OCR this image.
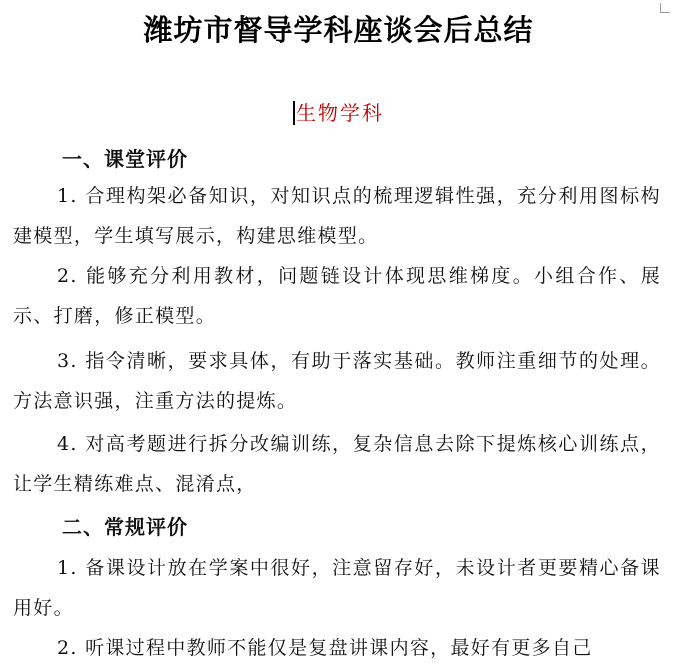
潍坊市督导学科座谈会后总结
生物学科
一、课堂评价
1. 合理构架必备知识，对知识点的梳理逻辑性强，充分利用图标构建模型，学生填写展示，构建思维模型。
2. 能够充分利用教材，问题链设计体现思维梯度。小组合作、展示、打磨，修正模型。
3. 指令清晰，要求具体，有助于落实基础。教师注重细节的处理。方法意识强，注重方法的提炼。
4. 对高考题进行拆分改编训练，复杂信息去除下提炼核心训练点，让学生精练难点、混淆点，
二、常规评价
1. 备课设计放在学案中很好，注意留存好，未设计者更要精心备课用好。
2. 听课过程中教师不能仅是复盘讲课内容，最好有更多自己
